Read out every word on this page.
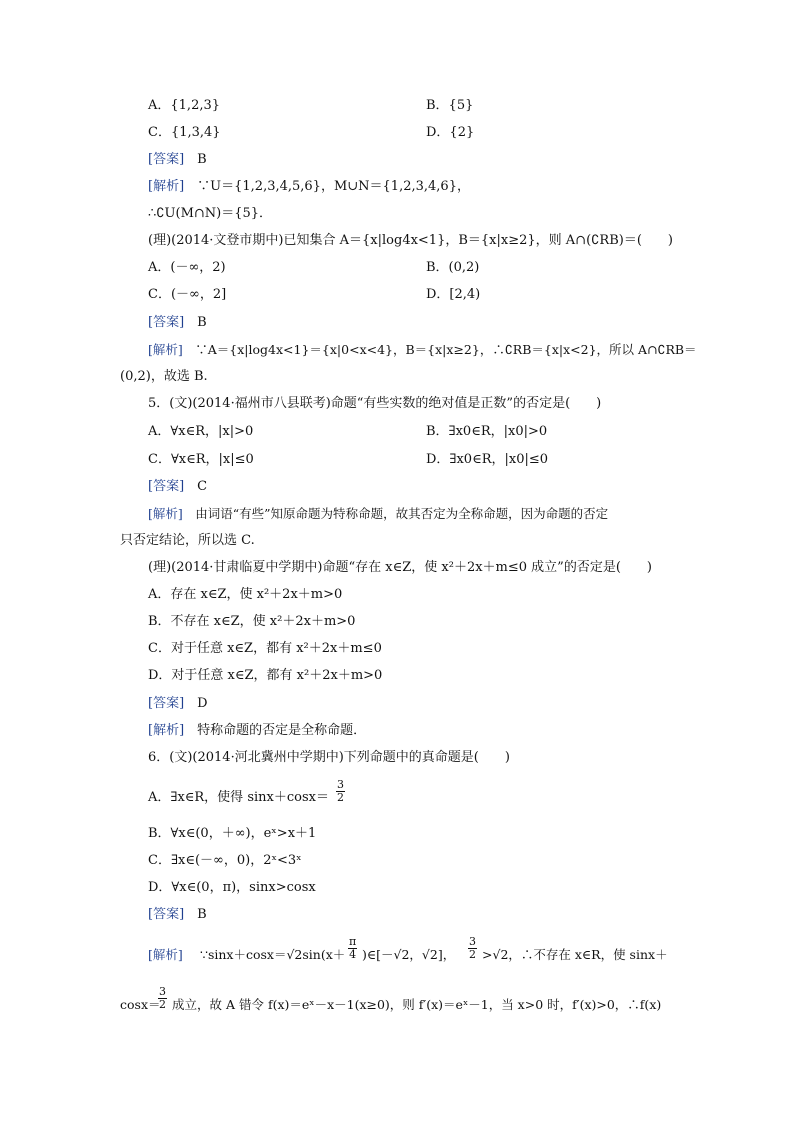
A．{1,2,3}	B．{5}
C．{1,3,4}	D．{2}
[答案]　 B
[解析]　 ∵U＝{1,2,3,4,5,6}，M∪N＝{1,2,3,4,6}，
∴∁U(M∩N)＝{5}．
(理)(2014·文登市期中)已知集合 A＝{x|log4x<1}，B＝{x|x≥2}，则 A∩(∁RB)＝(　　)
A．(－∞，2)	B．(0,2)
C．(－∞，2]	D．[2,4)
[答案]　 B
[解析]　 ∵A＝{x|log4x<1}＝{x|0<x<4}，B＝{x|x≥2}，∴∁RB＝{x|x<2}，所以 A∩∁RB＝
(0,2)，故选 B.
5．(文)(2014·福州市八县联考)命题“有些实数的绝对值是正数”的否定是(　　)
A．∀x∈R，|x|>0	B．∃x0∈R，|x0|>0
C．∀x∈R，|x|≤0	D．∃x0∈R，|x0|≤0
[答案]　 C
[解析]　 由词语“有些”知原命题为特称命题，故其否定为全称命题，因为命题的否定
只否定结论，所以选 C.
(理)(2014·甘肃临夏中学期中)命题“存在 x∈Z，使 x²＋2x＋m≤0 成立”的否定是(　　)
A．存在 x∈Z，使 x²＋2x＋m>0
B．不存在 x∈Z，使 x²＋2x＋m>0
C．对于任意 x∈Z，都有 x²＋2x＋m≤0
D．对于任意 x∈Z，都有 x²＋2x＋m>0
[答案]　 D
[解析]　 特称命题的否定是全称命题．
6．(文)(2014·河北冀州中学期中)下列命题中的真命题是(　　)
A．∃x∈R，使得 $\sin x+\cos x= \frac{3}{2}$
B．∀x∈(0，＋∞)，eˣ>x＋1
C．∃x∈(－∞，0)，2ˣ<3ˣ
D．∀x∈(0，π)，sinx>cosx
[答案]　 B
[解析] ∵sinx＋cosx＝√2sin(x＋ $\frac{\pi}{4}$ )∈[－√2，√2]， $\frac{3}{2} >√2$，∴不存在 x∈R，使 sinx＋
cosx＝
$\frac{3}{2}$ 成立，故 A 错令 f(x)＝eˣ－x－1(x≥0)，则 f′(x)＝eˣ－1，当 x>0 时，f′(x)>0，∴f(x)
